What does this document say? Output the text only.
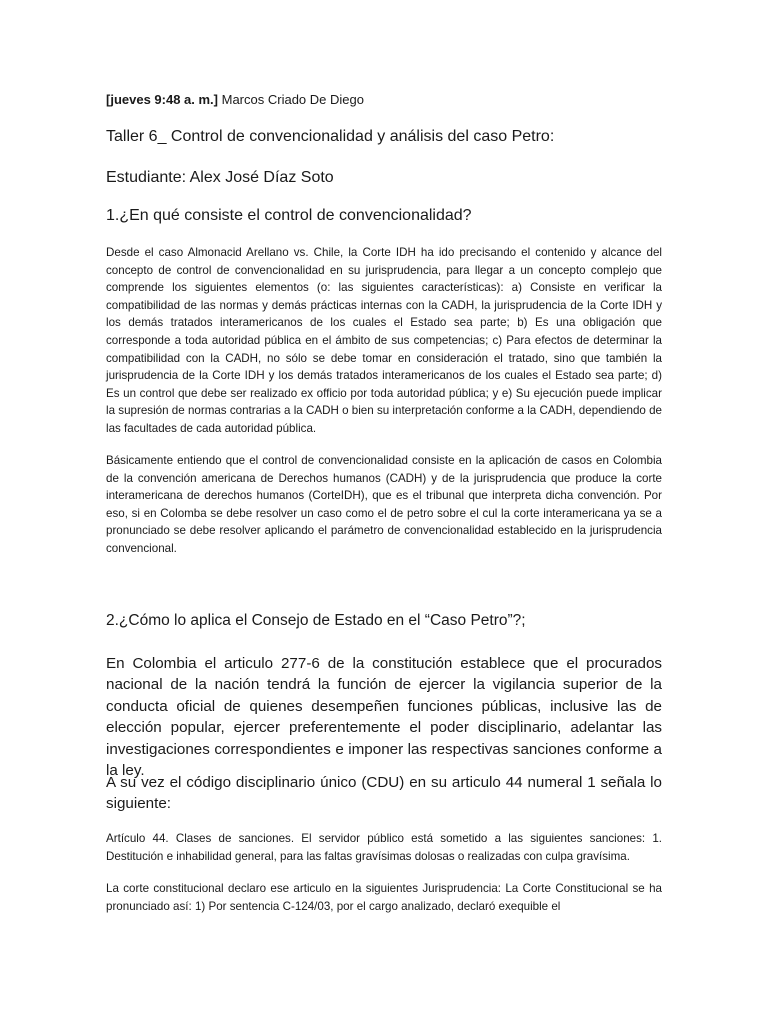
[jueves 9:48 a. m.] Marcos Criado De Diego
Taller 6_ Control de convencionalidad y análisis del caso Petro:
Estudiante: Alex José Díaz Soto
1.¿En qué consiste el control de convencionalidad?
Desde el caso Almonacid Arellano vs. Chile, la Corte IDH ha ido precisando el contenido y alcance del concepto de control de convencionalidad en su jurisprudencia, para llegar a un concepto complejo que comprende los siguientes elementos (o: las siguientes características): a) Consiste en verificar la compatibilidad de las normas y demás prácticas internas con la CADH, la jurisprudencia de la Corte IDH y los demás tratados interamericanos de los cuales el Estado sea parte; b) Es una obligación que corresponde a toda autoridad pública en el ámbito de sus competencias; c) Para efectos de determinar la compatibilidad con la CADH, no sólo se debe tomar en consideración el tratado, sino que también la jurisprudencia de la Corte IDH y los demás tratados interamericanos de los cuales el Estado sea parte; d) Es un control que debe ser realizado ex officio por toda autoridad pública; y e) Su ejecución puede implicar la supresión de normas contrarias a la CADH o bien su interpretación conforme a la CADH, dependiendo de las facultades de cada autoridad pública.
Básicamente entiendo que el control de convencionalidad consiste en la aplicación de casos en Colombia de la convención americana de Derechos humanos (CADH) y de la jurisprudencia que produce la corte interamericana de derechos humanos (CorteIDH), que es el tribunal que interpreta dicha convención. Por eso, si en Colomba se debe resolver un caso como el de petro sobre el cul la corte interamericana ya se a pronunciado se debe resolver aplicando el parámetro de convencionalidad establecido en la jurisprudencia convencional.
2.¿Cómo lo aplica el Consejo de Estado en el “Caso Petro”?;
En Colombia el articulo 277-6 de la constitución establece que el procurados nacional de la nación tendrá la función de ejercer la vigilancia superior de la conducta oficial de quienes desempeñen funciones públicas, inclusive las de elección popular, ejercer preferentemente el poder disciplinario, adelantar las investigaciones correspondientes e imponer las respectivas sanciones conforme a la ley.
A su vez el código disciplinario único (CDU) en su articulo 44 numeral 1 señala lo siguiente:
Artículo 44. Clases de sanciones. El servidor público está sometido a las siguientes sanciones: 1. Destitución e inhabilidad general, para las faltas gravísimas dolosas o realizadas con culpa gravísima.
La corte constitucional declaro ese articulo en la siguientes Jurisprudencia: La Corte Constitucional se ha pronunciado así: 1) Por sentencia C-124/03, por el cargo analizado, declaró exequible el
